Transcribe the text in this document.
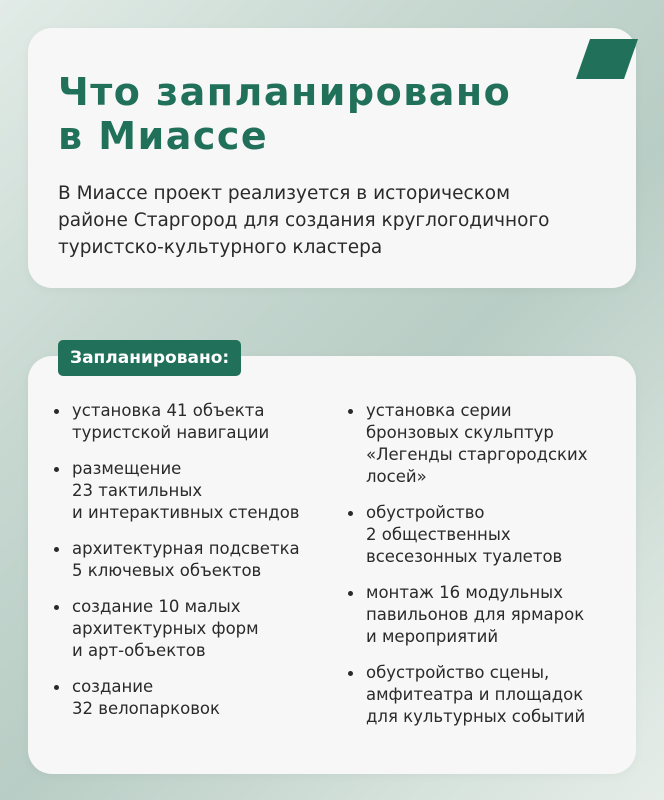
Что запланировано
в Миассе

В Миассе проект реализуется в историческом
районе Старгород для создания круглогодичного
туристско-культурного кластера

Запланировано:
установка 41 объекта
туристской навигации
размещение
23 тактильных
и интерактивных стендов
архитектурная подсветка
5 ключевых объектов
создание 10 малых
архитектурных форм
и арт-объектов
создание
32 велопарковок
установка серии
бронзовых скульптур
«Легенды старгородских
лосей»
обустройство
2 общественных
всесезонных туалетов
монтаж 16 модульных
павильонов для ярмарок
и мероприятий
обустройство сцены,
амфитеатра и площадок
для культурных событий
